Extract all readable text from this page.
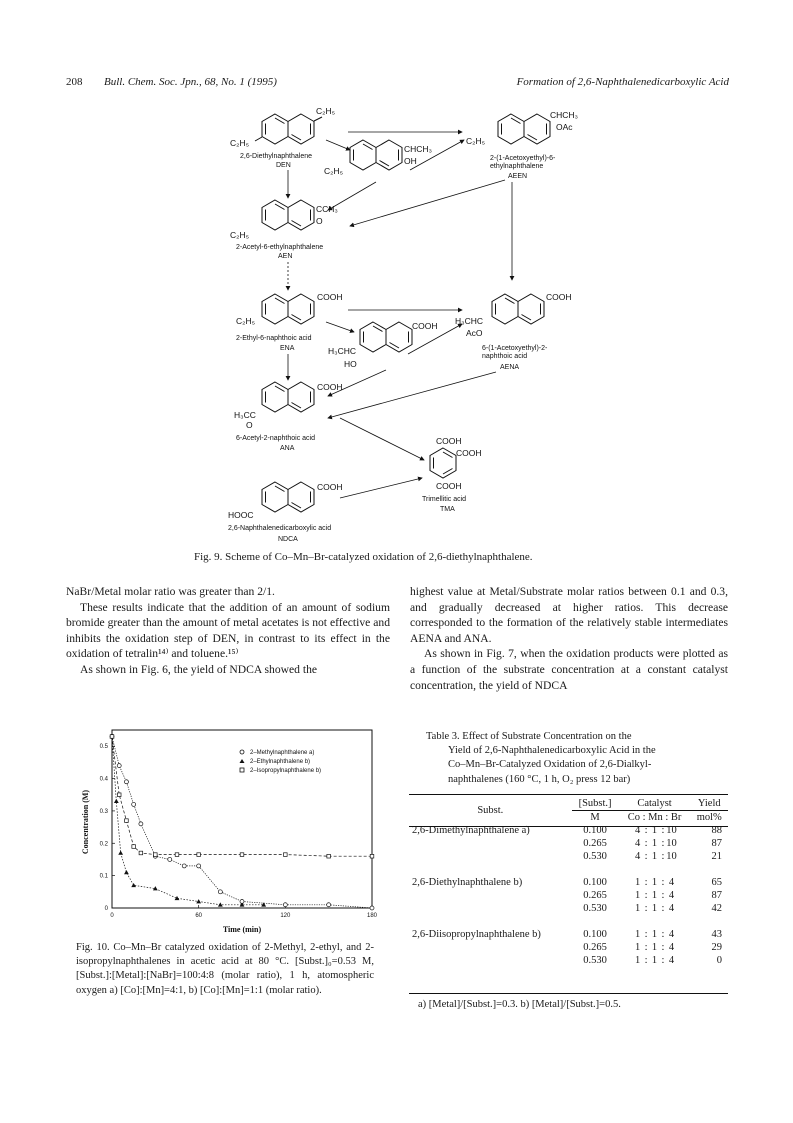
208 Bull. Chem. Soc. Jpn., 68, No. 1 (1995)	Formation of 2,6-Naphthalenedicarboxylic Acid
C₂H₅
C₂H₅
2,6-Diethylnaphthalene
DEN
CHCH₃
OH
C₂H₅
CHCH₃
OAc
C₂H₅
2-(1-Acetoxyethyl)-6-
ethylnaphthalene
AEEN
CCH₃
O
C₂H₅
2-Acetyl-6-ethylnaphthalene
AEN
COOH
C₂H₅
2-Ethyl-6-naphthoic acid
ENA
COOH
H₃CHC
HO
COOH
H₃CHC
AcO
6-(1-Acetoxyethyl)-2-
naphthoic acid
AENA
COOH
H₃CC
O
6-Acetyl-2-naphthoic acid
ANA
COOH
COOH
COOH
Trimellitic acid
TMA
COOH
HOOC
2,6-Naphthalenedicarboxylic acid
NDCA
Fig. 9. Scheme of Co–Mn–Br-catalyzed oxidation of 2,6-diethylnaphthalene.

NaBr/Metal molar ratio was greater than 2/1.

These results indicate that the addition of an amount of sodium bromide greater than the amount of metal acetates is not effective and inhibits the oxidation step of DEN, in contrast to its effect in the oxidation of tetralin¹⁴⁾ and toluene.¹⁵⁾

As shown in Fig. 6, the yield of NDCA showed the

highest value at Metal/Substrate molar ratios between 0.1 and 0.3, and gradually decreased at higher ratios. This decrease corresponded to the formation of the relatively stable intermediates AENA and ANA.

As shown in Fig. 7, when the oxidation products were plotted as a function of the substrate concentration at a constant catalyst concentration, the yield of NDCA

0
0.1
0.2
0.3
0.4
0.5
0	60	120	180
Concentration (M)
Time (min)
2–Methylnaphthalene a)
2–Ethylnaphthalene b)
2–Isopropylnaphthalene b)
Fig. 10. Co–Mn–Br catalyzed oxidation of 2-Methyl, 2-ethyl, and 2-isopropylnaphthalenes in acetic acid at 80 °C. [Subst.]₀=0.53 M, [Subst.]:[Metal]:[NaBr]=100:4:8 (molar ratio), 1 h, atomospheric oxygen a) [Co]:[Mn]=4:1, b) [Co]:[Mn]=1:1 (molar ratio).
Table 3. Effect of Substrate Concentration on the
Yield of 2,6-Naphthalenedicarboxylic Acid in the
Co–Mn–Br-Catalyzed Oxidation of 2,6-Dialkyl-
naphthalenes (160 °C, 1 h, O₂ press 12 bar)
Subst.	[Subst.]	Catalyst	Yield
	M	Co : Mn : Br	mol%
2,6-Dimethylnaphthalene a)	0.100	4 : 1 : 10	88
	0.265	4 : 1 : 10	87
	0.530	4 : 1 : 10	21

2,6-Diethylnaphthalene b)	0.100	1 : 1 : 4	65
	0.265	1 : 1 : 4	87
	0.530	1 : 1 : 4	42

2,6-Diisopropylnaphthalene b)	0.100	1 : 1 : 4	43
	0.265	1 : 1 : 4	29
	0.530	1 : 1 : 4	0
a) [Metal]/[Subst.]=0.3. b) [Metal]/[Subst.]=0.5.
